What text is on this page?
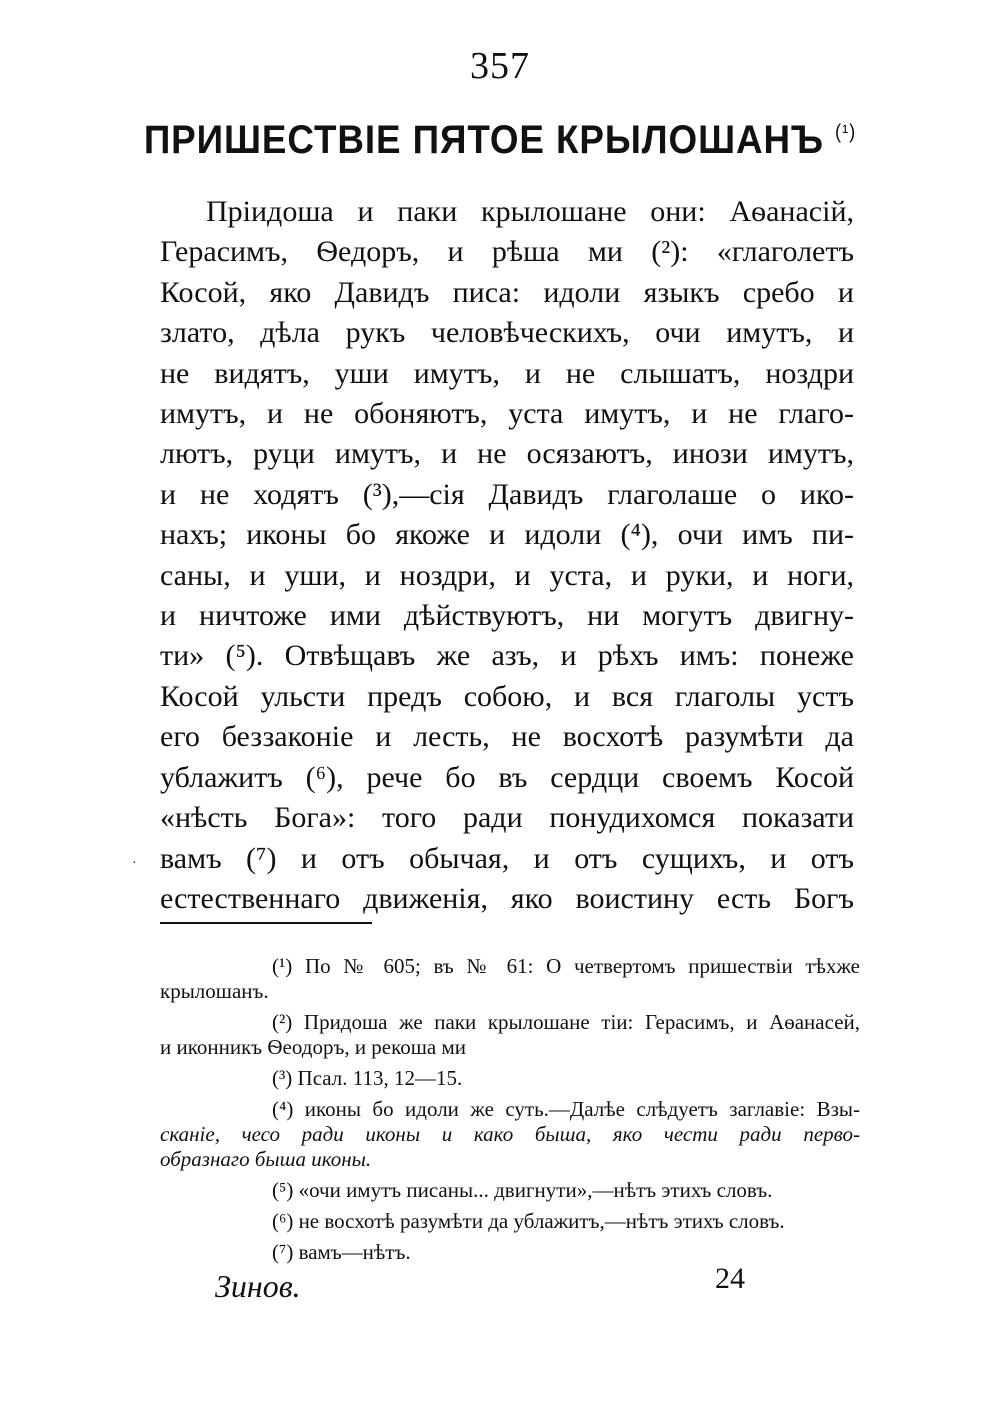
357
ПРИШЕСТВІЕ ПЯТОЕ КРЫЛОШАНЪ $^{(^1)}$
Пріидоша и паки крылошане они: Аѳанасій,
Герасимъ, Ѳедоръ, и рѣша ми (²): «глаголетъ
Косой, яко Давидъ писа: идоли языкъ сребо и
злато, дѣла рукъ человѣческихъ, очи имутъ, и
не видятъ, уши имутъ, и не слышатъ, ноздри
имутъ, и не обоняютъ, уста имутъ, и не глаго-
лютъ, руци имутъ, и не осязаютъ, инози имутъ,
и не ходятъ (³),—сія Давидъ глаголаше о ико-
нахъ; иконы бо якоже и идоли (⁴), очи имъ пи-
саны, и уши, и ноздри, и уста, и руки, и ноги,
и ничтоже ими дѣйствуютъ, ни могутъ двигну-
ти» (⁵). Отвѣщавъ же азъ, и рѣхъ имъ: понеже
Косой ульсти предъ собою, и вся глаголы устъ
его беззаконіе и лесть, не восхотѣ разумѣти да
ублажитъ (⁶), рече бо въ сердци своемъ Косой
«нѣсть Бога»: того ради понудихомся показати
вамъ (⁷) и отъ обычая, и отъ сущихъ, и отъ
естественнаго движенія, яко воистину есть Богъ
·
(¹) По № 605; въ № 61: О четвертомъ пришествіи тѣхже
крылошанъ.
(²) Придоша же паки крылошане тіи: Герасимъ, и Аѳанасей,
и иконникъ Ѳеодоръ, и рекоша ми
(³) Псал. 113, 12—15.
(⁴) иконы бо идоли же суть.—Далѣе слѣдуетъ заглавіе: Взы-
сканіе, чесо ради иконы и како быша, яко чести ради перво-
образнаго быша иконы.
(⁵) «очи имутъ писаны... двигнути»,—нѣтъ этихъ словъ.
(⁶) не восхотѣ разумѣти да ублажитъ,—нѣтъ этихъ словъ.
(⁷) вамъ—нѣтъ.
Зинов.	24
